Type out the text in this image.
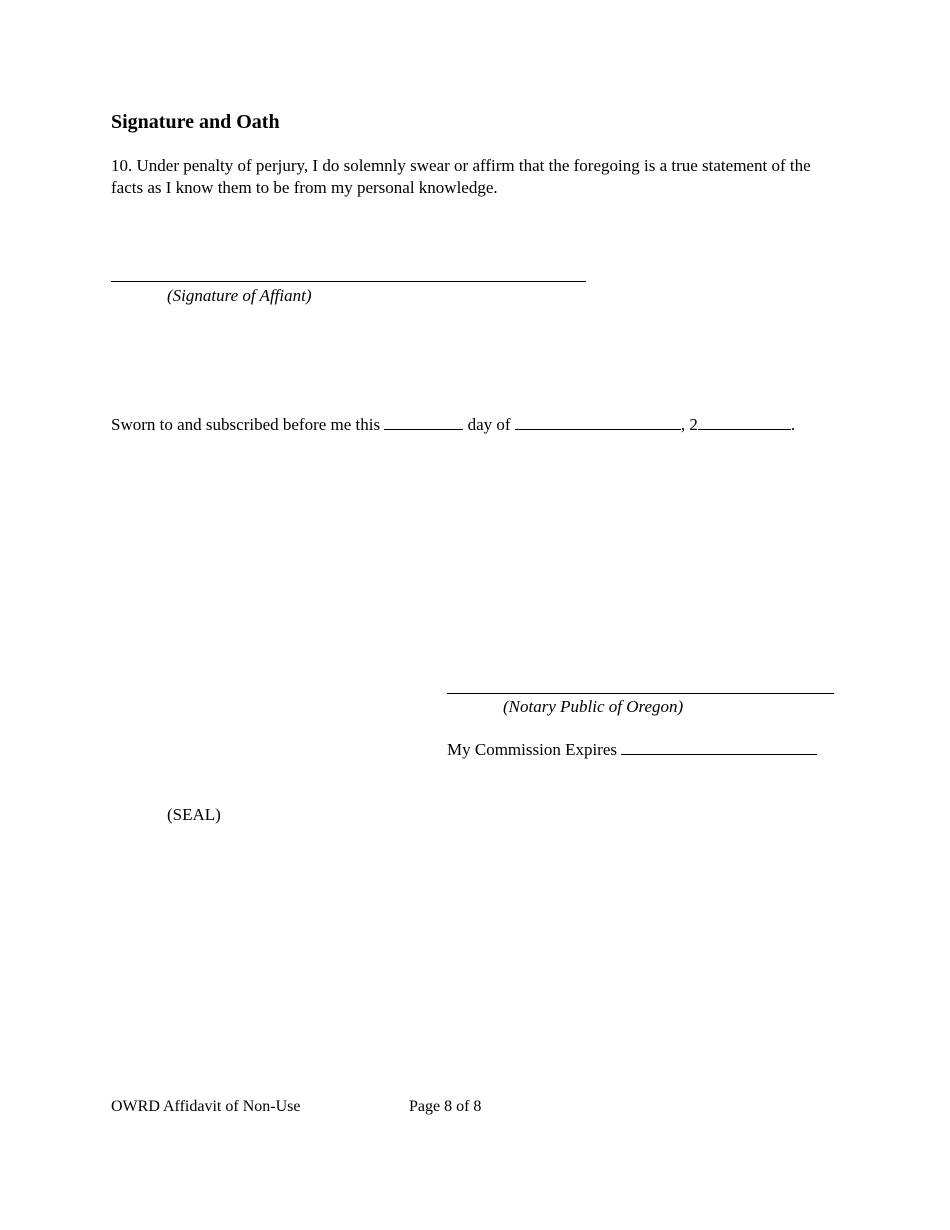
Signature and Oath

10. Under penalty of perjury, I do solemnly swear or affirm that the foregoing is a true statement of the facts as I know them to be from my personal knowledge.

(Signature of Affiant)
Sworn to and subscribed before me this	day of	, 2	.
(Notary Public of Oregon)
My Commission Expires
(SEAL)
OWRD Affidavit of Non-Use	Page 8 of 8
